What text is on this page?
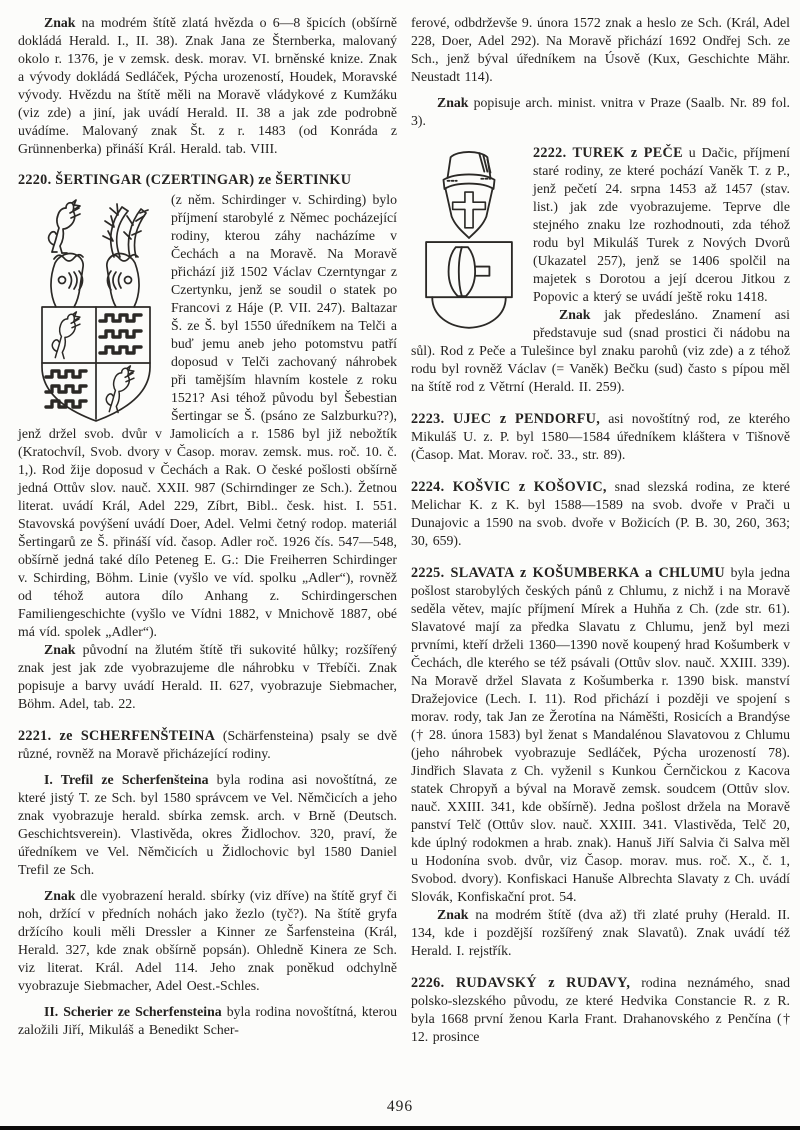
Znak na modrém štítě zlatá hvězda o 6—8 špicích (obšírně dokládá Herald. I., II. 38). Znak Jana ze Šternberka, malovaný okolo r. 1376, je v zemsk. desk. morav. VI. brněnské knize. Znak a vývody dokládá Sedláček, Pýcha urozeností, Houdek, Moravské vývody. Hvězdu na štítě měli na Moravě vládykové z Kumžáku (viz zde) a jiní, jak uvádí Herald. II. 38 a jak zde podrobně uvádíme. Malovaný znak Št. z r. 1483 (od Konráda z Grünnenberka) přináší Král. Herald. tab. VIII.

2220. ŠERTINGAR (CZERTINGAR) ze ŠERTINKU

(z něm. Schirdinger v. Schirding) bylo příjmení starobylé z Němec pocházející rodiny, kterou záhy nacházíme v Čechách a na Moravě. Na Moravě přichází již 1502 Václav Czerntyngar z Czertynku, jenž se soudil o statek po Francovi z Háje (P. VII. 247). Baltazar Š. ze Š. byl 1550 úředníkem na Telči a buď jemu aneb jeho potomstvu patří doposud v Telči zachovaný náhrobek při tamějším hlavním kostele z roku 1521? Asi téhož původu byl Šebestian Šertingar se Š. (psáno ze Salzburku??), jenž držel svob. dvůr v Jamolicích a r. 1586 byl již nebožtík (Kratochvíl, Svob. dvory v Časop. morav. zemsk. mus. roč. 10. č. 1,). Rod žije doposud v Čechách a Rak. O české pošlosti obšírně jedná Ottův slov. nauč. XXII. 987 (Schirndinger ze Sch.). Žetnou literat. uvádí Král, Adel 229, Zíbrt, Bibl.. česk. hist. I. 551. Stavovská povýšení uvádí Doer, Adel. Velmi četný rodop. materiál Šertingarů ze Š. přináší víd. časop. Adler roč. 1926 čís. 547—548, obšírně jedná také dílo Peteneg E. G.: Die Freiherren Schirdinger v. Schirding, Böhm. Linie (vyšlo ve víd. spolku „Adler“), rovněž od téhož autora dílo Anhang z. Schirdingerschen Familiengeschichte (vyšlo ve Vídni 1882, v Mnichově 1887, obé má víd. spolek „Adler“).

Znak původní na žlutém štítě tři sukovité hůlky; rozšířený znak jest jak zde vyobrazujeme dle náhrobku v Třebíči. Znak popisuje a barvy uvádí Herald. II. 627, vyobrazuje Siebmacher, Böhm. Adel, tab. 22.

2221. ze SCHERFENŠTEINA (Schärfensteina) psaly se dvě různé, rovněž na Moravě přicházející rodiny.

I. Trefil ze Scherfenšteina byla rodina asi novoštítná, ze které jistý T. ze Sch. byl 1580 správcem ve Vel. Němčicích a jeho znak vyobrazuje herald. sbírka zemsk. arch. v Brně (Deutsch. Geschichtsverein). Vlastivěda, okres Židlochov. 320, praví, že úředníkem ve Vel. Němčicích u Židlochovic byl 1580 Daniel Trefil ze Sch.

Znak dle vyobrazení herald. sbírky (viz dříve) na štítě gryf či noh, držící v předních nohách jako žezlo (tyč?). Na štítě gryfa držícího kouli měli Dressler a Kinner ze Šarfensteina (Král, Herald. 327, kde znak obšírně popsán). Ohledně Kinera ze Sch. viz literat. Král. Adel 114. Jeho znak poněkud odchylně vyobrazuje Siebmacher, Adel Oest.-Schles.

II. Scherier ze Scherfensteina byla rodina novoštítná, kterou založili Jiří, Mikuláš a Benedikt Scher-

ferové, odbdrževše 9. února 1572 znak a heslo ze Sch. (Král, Adel 228, Doer, Adel 292). Na Moravě přichází 1692 Ondřej Sch. ze Sch., jenž býval úředníkem na Úsově (Kux, Geschichte Mähr. Neustadt 114).

Znak popisuje arch. minist. vnitra v Praze (Saalb. Nr. 89 fol. 3).

2222. TUREK z PEČE
u Dačic, příjmení staré rodiny, ze které pochází Vaněk T. z P., jenž pečetí 24. srpna 1453 až 1457 (stav. list.) jak zde vyobrazujeme. Teprve dle stejného znaku lze rozhodnouti, zda téhož rodu byl Mikuláš Turek z Nových Dvorů (Ukazatel 257), jenž se 1406 spolčil na majetek s Dorotou a její dcerou Jitkou z Popovic a který se uvádí ještě roku 1418.

Znak jak předesláno. Znamení asi představuje sud (snad prostici či nádobu na sůl). Rod z Peče a Tulešince byl znaku parohů (viz zde) a z téhož rodu byl rovněž Václav (= Vaněk) Bečku (sud) často s pípou měl na štítě rod z Větrní (Herald. II. 259).

2223. UJEC z PENDORFU, asi novoštítný rod, ze kterého Mikuláš U. z. P. byl 1580—1584 úředníkem kláštera v Tišnově (Časop. Mat. Morav. roč. 33., str. 89).

2224. KOŠVIC z KOŠOVIC, snad slezská rodina, ze které Melichar K. z K. byl 1588—1589 na svob. dvoře v Prači u Dunajovic a 1590 na svob. dvoře v Božicích (P. B. 30, 260, 363; 30, 659).

2225. SLAVATA z KOŠUMBERKA a CHLUMU byla jedna pošlost starobylých českých pánů z Chlumu, z nichž i na Moravě seděla větev, majíc příjmení Mírek a Huhňa z Ch. (zde str. 61). Slavatové mají za předka Slavatu z Chlumu, jenž byl mezi prvními, kteří drželi 1360—1390 nově koupený hrad Košumberk v Čechách, dle kterého se též psávali (Ottův slov. nauč. XXIII. 339). Na Moravě držel Slavata z Košumberka r. 1390 bisk. manství Dražejovice (Lech. I. 11). Rod přichází i později ve spojení s morav. rody, tak Jan ze Žerotína na Náměšti, Rosicích a Brandýse († 28. února 1583) byl ženat s Mandalénou Slavatovou z Chlumu (jeho náhrobek vyobrazuje Sedláček, Pýcha urozeností 78). Jindřich Slavata z Ch. vyženil s Kunkou Černčickou z Kacova statek Chropyň a býval na Moravě zemsk. soudcem (Ottův slov. nauč. XXIII. 341, kde obšírně). Jedna pošlost držela na Moravě panství Telč (Ottův slov. nauč. XXIII. 341. Vlastivěda, Telč 20, kde úplný rodokmen a hrab. znak). Hanuš Jiří Salvia či Salva měl u Hodonína svob. dvůr, viz Časop. morav. mus. roč. X., č. 1, Svobod. dvory). Konfiskaci Hanuše Albrechta Slavaty z Ch. uvádí Slovák, Konfiskační prot. 54.

Znak na modrém štítě (dva až) tři zlaté pruhy (Herald. II. 134, kde i pozdější rozšířený znak Slavatů). Znak uvádí též Herald. I. rejstřík.

2226. RUDAVSKÝ z RUDAVY, rodina neznámého, snad polsko-slezského původu, ze které Hedvika Constancie R. z R. byla 1668 první ženou Karla Frant. Drahanovského z Penčína († 12. prosince

496
